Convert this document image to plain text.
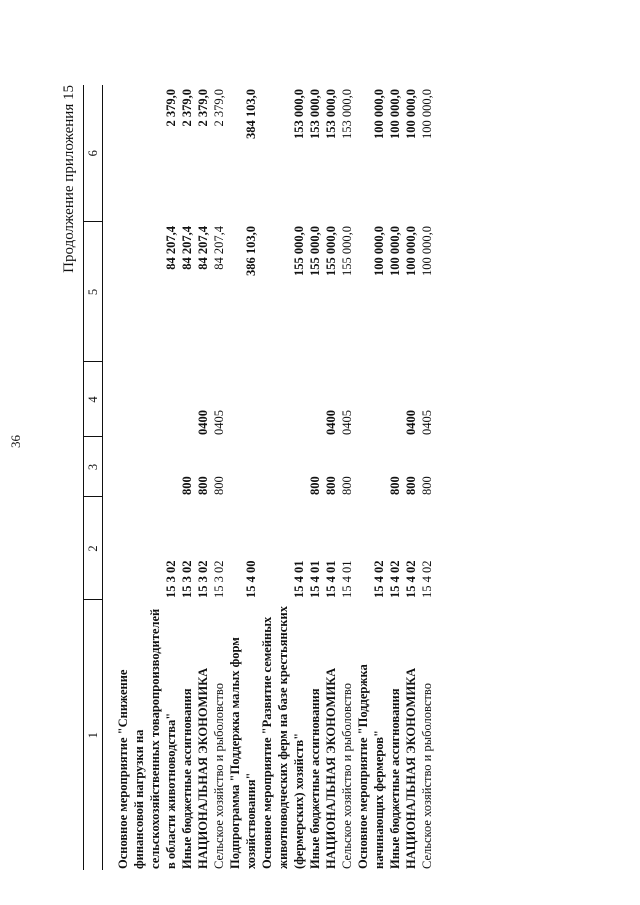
36
Продолжение приложения 15
1	2	3	4	5	6

Основное мероприятие "Снижение финансовой нагрузки на сельскохозяйственных товаропроизводителей в области животноводства"	15 3 02			84 207,4	2 379,0
Иные бюджетные ассигнования	15 3 02	800		84 207,4	2 379,0
НАЦИОНАЛЬНАЯ ЭКОНОМИКА	15 3 02	800	0400	84 207,4	2 379,0
Сельское хозяйство и рыболовство	15 3 02	800	0405	84 207,4	2 379,0
Подпрограмма "Поддержка малых форм хозяйствования"	15 4 00			386 103,0	384 103,0
Основное мероприятие "Развитие семейных животноводческих ферм на базе крестьянских (фермерских) хозяйств"	15 4 01			155 000,0	153 000,0
Иные бюджетные ассигнования	15 4 01	800		155 000,0	153 000,0
НАЦИОНАЛЬНАЯ ЭКОНОМИКА	15 4 01	800	0400	155 000,0	153 000,0
Сельское хозяйство и рыболовство	15 4 01	800	0405	155 000,0	153 000,0
Основное мероприятие "Поддержка начинающих фермеров"	15 4 02			100 000,0	100 000,0
Иные бюджетные ассигнования	15 4 02	800		100 000,0	100 000,0
НАЦИОНАЛЬНАЯ ЭКОНОМИКА	15 4 02	800	0400	100 000,0	100 000,0
Сельское хозяйство и рыболовство	15 4 02	800	0405	100 000,0	100 000,0
